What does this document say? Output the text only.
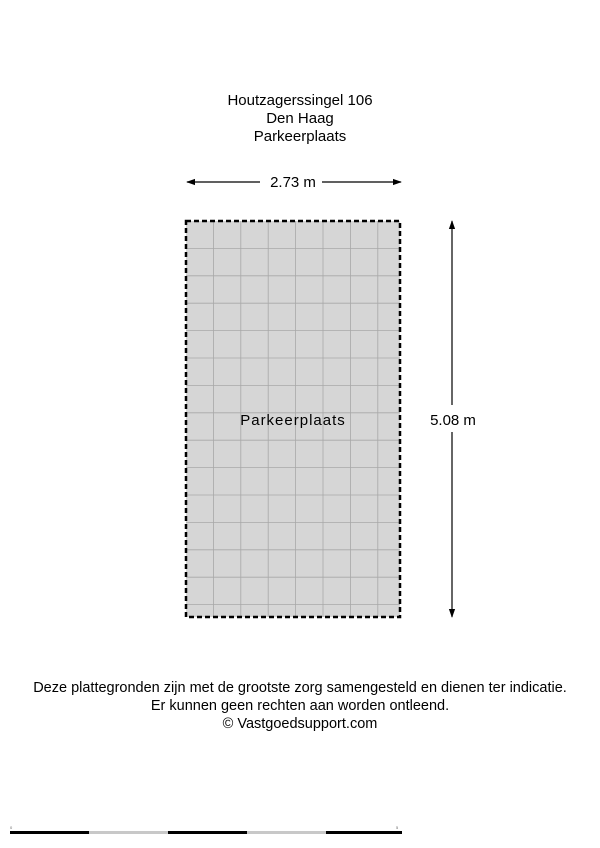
Houtzagerssingel 106
Den Haag
Parkeerplaats
Parkeerplaats
2.73 m
5.08 m
0	5
Deze plattegronden zijn met de grootste zorg samengesteld en dienen ter indicatie.
Er kunnen geen rechten aan worden ontleend.
© Vastgoedsupport.com
